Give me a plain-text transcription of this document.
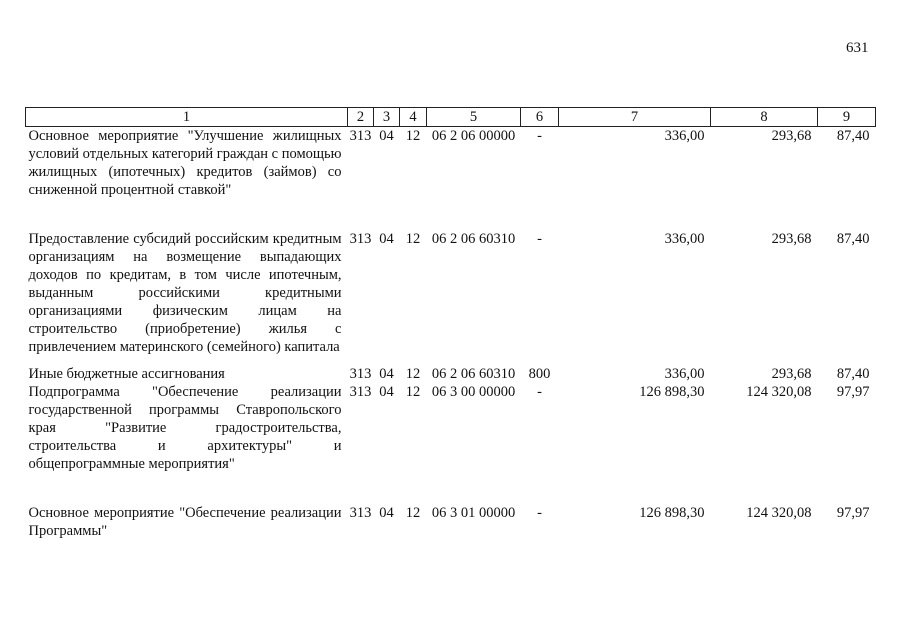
631
1	2	3	4	5	6	7	8	9
Основное мероприятие "Улучшение жилищных условий отдельных категорий граждан с помощью жилищных (ипотечных) кредитов (займов) со сниженной процентной ставкой"	313	04	12	06 2 06 00000	-	336,00	293,68	87,40
Предоставление субсидий российским кредитным организациям на возмещение выпадающих доходов по кредитам, в том числе ипотечным, выданным российскими кредитными организациями физическим лицам на строительство (приобретение) жилья с привлечением материнского (семейного) капитала	313	04	12	06 2 06 60310	-	336,00	293,68	87,40
Иные бюджетные ассигнования	313	04	12	06 2 06 60310	800	336,00	293,68	87,40
Подпрограмма "Обеспечение реализации государственной программы Ставропольского края "Развитие градостроительства, строительства и архитектуры" и общепрограммные мероприятия"	313	04	12	06 3 00 00000	-	126 898,30	124 320,08	97,97
Основное мероприятие "Обеспечение реализации Программы"	313	04	12	06 3 01 00000	-	126 898,30	124 320,08	97,97
